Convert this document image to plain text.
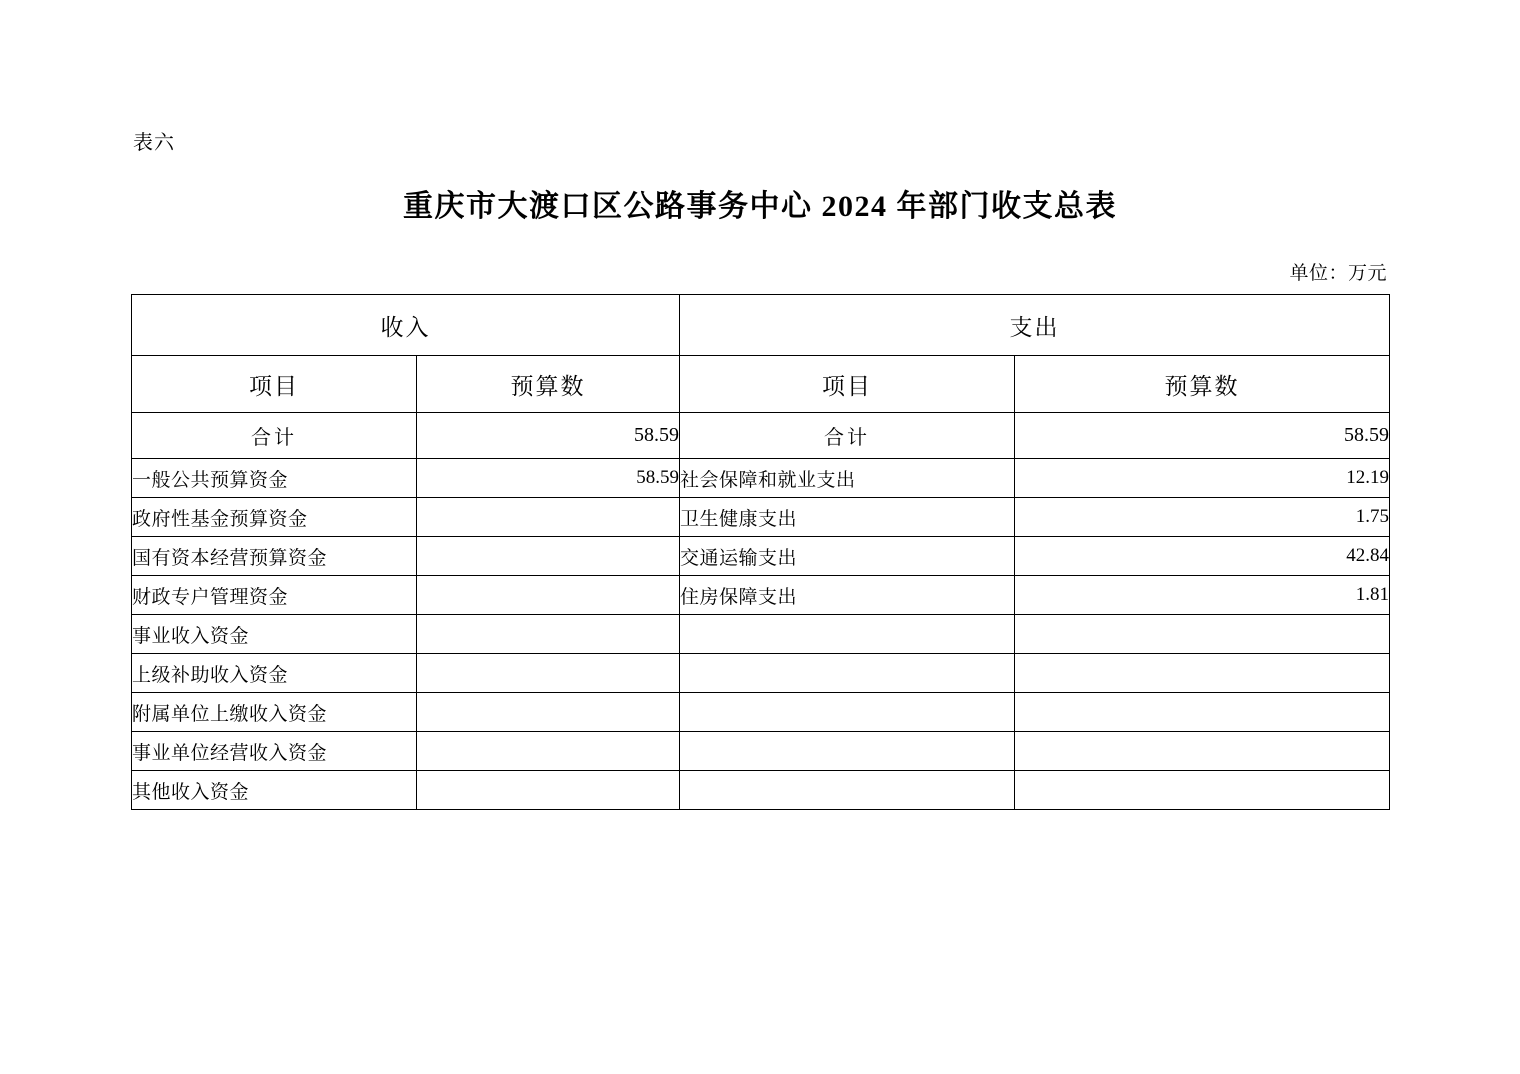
表六
重庆市大渡口区公路事务中心 2024 年部门收支总表
单位：万元
收入		支出	
项目	预算数	项目	预算数
合计	58.59	合计	58.59
一般公共预算资金	58.59	社会保障和就业支出	12.19
政府性基金预算资金		卫生健康支出	1.75
国有资本经营预算资金		交通运输支出	42.84
财政专户管理资金		住房保障支出	1.81
事业收入资金			
上级补助收入资金			
附属单位上缴收入资金			
事业单位经营收入资金			
其他收入资金			
